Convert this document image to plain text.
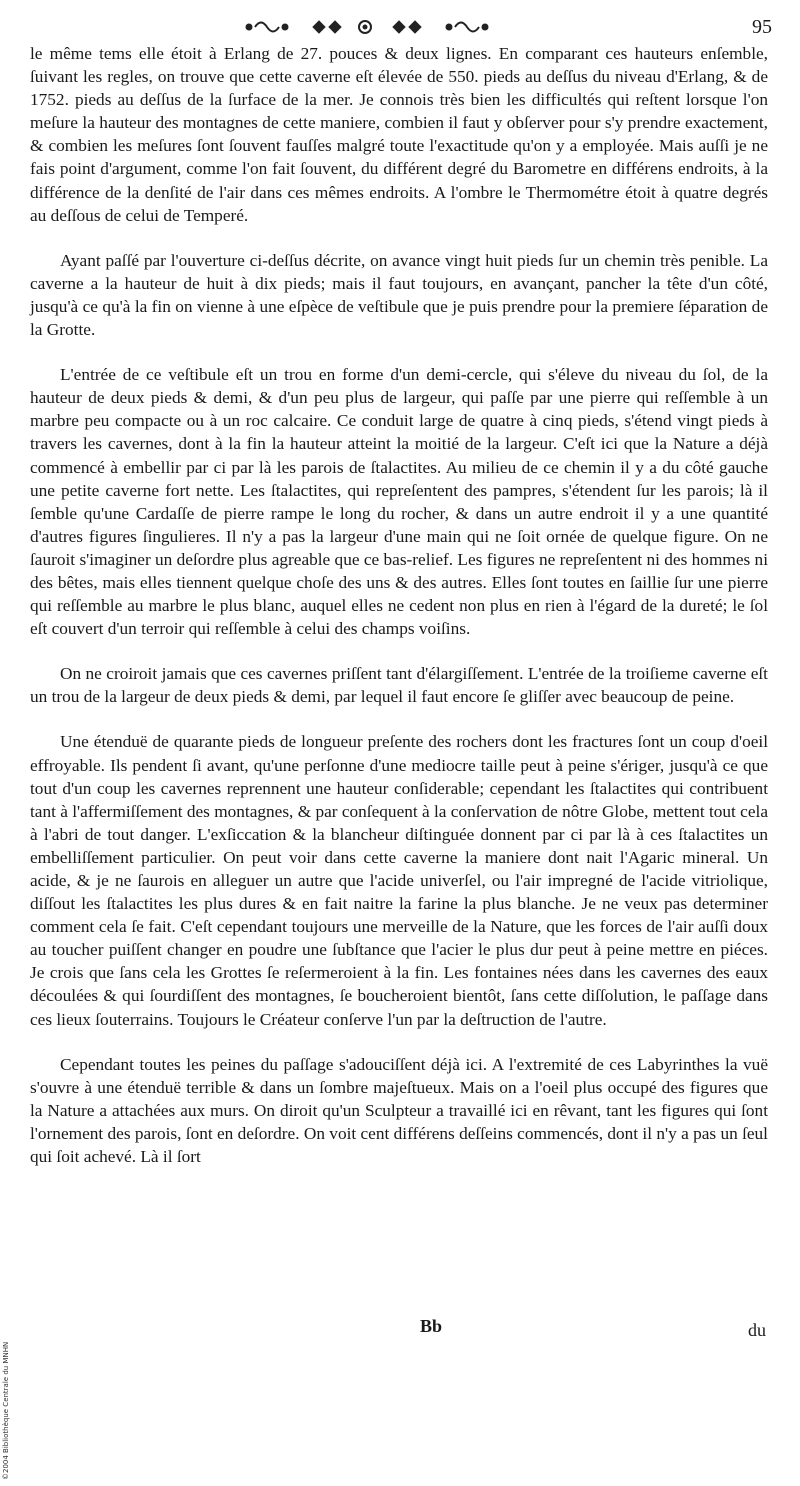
95

le même tems elle étoit à Erlang de 27. pouces & deux lignes. En comparant ces hauteurs enſemble, ſuivant les regles, on trouve que cette caverne eſt élevée de 550. pieds au deſſus du niveau d'Erlang, & de 1752. pieds au deſſus de la ſurface de la mer. Je connois très bien les difficultés qui reſtent lorsque l'on meſure la hauteur des montagnes de cette maniere, combien il faut y obſerver pour s'y prendre exactement, & combien les meſures ſont ſouvent fauſſes malgré toute l'exactitude qu'on y a employée. Mais auſſi je ne fais point d'argument, comme l'on fait ſouvent, du différent degré du Barometre en différens endroits, à la différence de la denſité de l'air dans ces mêmes endroits. A l'ombre le Thermométre étoit à quatre degrés au deſſous de celui de Temperé.

Ayant paſſé par l'ouverture ci-deſſus décrite, on avance vingt huit pieds ſur un chemin très penible. La caverne a la hauteur de huit à dix pieds; mais il faut toujours, en avançant, pancher la tête d'un côté, jusqu'à ce qu'à la fin on vienne à une eſpèce de veſtibule que je puis prendre pour la premiere ſéparation de la Grotte.

L'entrée de ce veſtibule eſt un trou en forme d'un demi-cercle, qui s'éleve du niveau du ſol, de la hauteur de deux pieds & demi, & d'un peu plus de largeur, qui paſſe par une pierre qui reſſemble à un marbre peu compacte ou à un roc calcaire. Ce conduit large de quatre à cinq pieds, s'étend vingt pieds à travers les cavernes, dont à la fin la hauteur atteint la moitié de la largeur. C'eſt ici que la Nature a déjà commencé à embellir par ci par là les parois de ſtalactites. Au milieu de ce chemin il y a du côté gauche une petite caverne fort nette. Les ſtalactites, qui repreſentent des pampres, s'étendent ſur les parois; là il ſemble qu'une Cardaſſe de pierre rampe le long du rocher, & dans un autre endroit il y a une quantité d'autres figures ſingulieres. Il n'y a pas la largeur d'une main qui ne ſoit ornée de quelque figure. On ne ſauroit s'imaginer un deſordre plus agreable que ce bas-relief. Les figures ne repreſentent ni des hommes ni des bêtes, mais elles tiennent quelque choſe des uns & des autres. Elles ſont toutes en ſaillie ſur une pierre qui reſſemble au marbre le plus blanc, auquel elles ne cedent non plus en rien à l'égard de la dureté; le ſol eſt couvert d'un terroir qui reſſemble à celui des champs voiſins.

On ne croiroit jamais que ces cavernes priſſent tant d'élargiſſement. L'entrée de la troiſieme caverne eſt un trou de la largeur de deux pieds & demi, par lequel il faut encore ſe gliſſer avec beaucoup de peine.

Une étenduë de quarante pieds de longueur preſente des rochers dont les fractures ſont un coup d'oeil effroyable. Ils pendent ſi avant, qu'une perſonne d'une mediocre taille peut à peine s'ériger, jusqu'à ce que tout d'un coup les cavernes reprennent une hauteur conſiderable; cependant les ſtalactites qui contribuent tant à l'affermiſſement des montagnes, & par conſequent à la conſervation de nôtre Globe, mettent tout cela à l'abri de tout danger. L'exſiccation & la blancheur diſtinguée donnent par ci par là à ces ſtalactites un embelliſſement particulier. On peut voir dans cette caverne la maniere dont nait l'Agaric mineral. Un acide, & je ne ſaurois en alleguer un autre que l'acide univerſel, ou l'air impregné de l'acide vitriolique, diſſout les ſtalactites les plus dures & en fait naitre la farine la plus blanche. Je ne veux pas determiner comment cela ſe fait. C'eſt cependant toujours une merveille de la Nature, que les forces de l'air auſſi doux au toucher puiſſent changer en poudre une ſubſtance que l'acier le plus dur peut à peine mettre en piéces. Je crois que ſans cela les Grottes ſe reſermeroient à la fin. Les fontaines nées dans les cavernes des eaux découlées & qui ſourdiſſent des montagnes, ſe boucheroient bientôt, ſans cette diſſolution, le paſſage dans ces lieux ſouterrains. Toujours le Créateur conſerve l'un par la deſtruction de l'autre.

Cependant toutes les peines du paſſage s'adouciſſent déjà ici. A l'extremité de ces Labyrinthes la vuë s'ouvre à une étenduë terrible & dans un ſombre majeſtueux. Mais on a l'oeil plus occupé des figures que la Nature a attachées aux murs. On diroit qu'un Sculpteur a travaillé ici en rêvant, tant les figures qui ſont l'ornement des parois, ſont en deſordre. On voit cent différens deſſeins commencés, dont il n'y a pas un ſeul qui ſoit achevé. Là il ſort

Bb	du
©2004 Bibliothèque Centrale du MNHN
